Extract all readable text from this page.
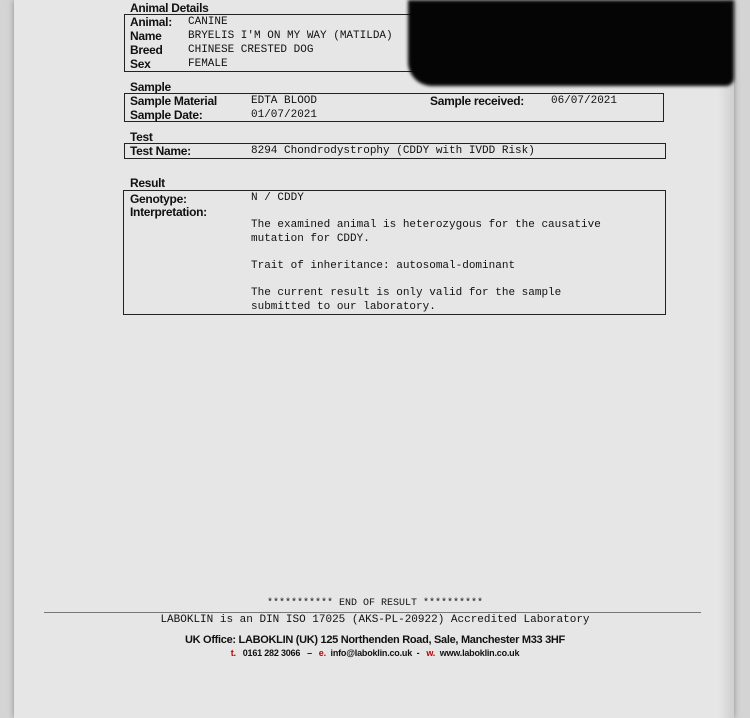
Animal Details
Animal: CANINE
Name BRYELIS I'M ON MY WAY (MATILDA)
Breed CHINESE CRESTED DOG
Sex	FEMALE
Sample
Sample Material	EDTA BLOOD	Sample received: 06/07/2021
Sample Date:	01/07/2021
Test
Test Name:	8294 Chondrodystrophy (CDDY with IVDD Risk)
Result
Genotype:	N / CDDY
Interpretation:
The examined animal is heterozygous for the causative
mutation for CDDY.
Trait of inheritance: autosomal-dominant
The current result is only valid for the sample
submitted to our laboratory.
*********** END OF RESULT **********
LABOKLIN is an DIN ISO 17025 (AKS-PL-20922) Accredited Laboratory
UK Office: LABOKLIN (UK) 125 Northenden Road, Sale, Manchester M33 3HF
t. 0161 282 3066 – e. info@laboklin.co.uk  -   w. www.laboklin.co.uk
